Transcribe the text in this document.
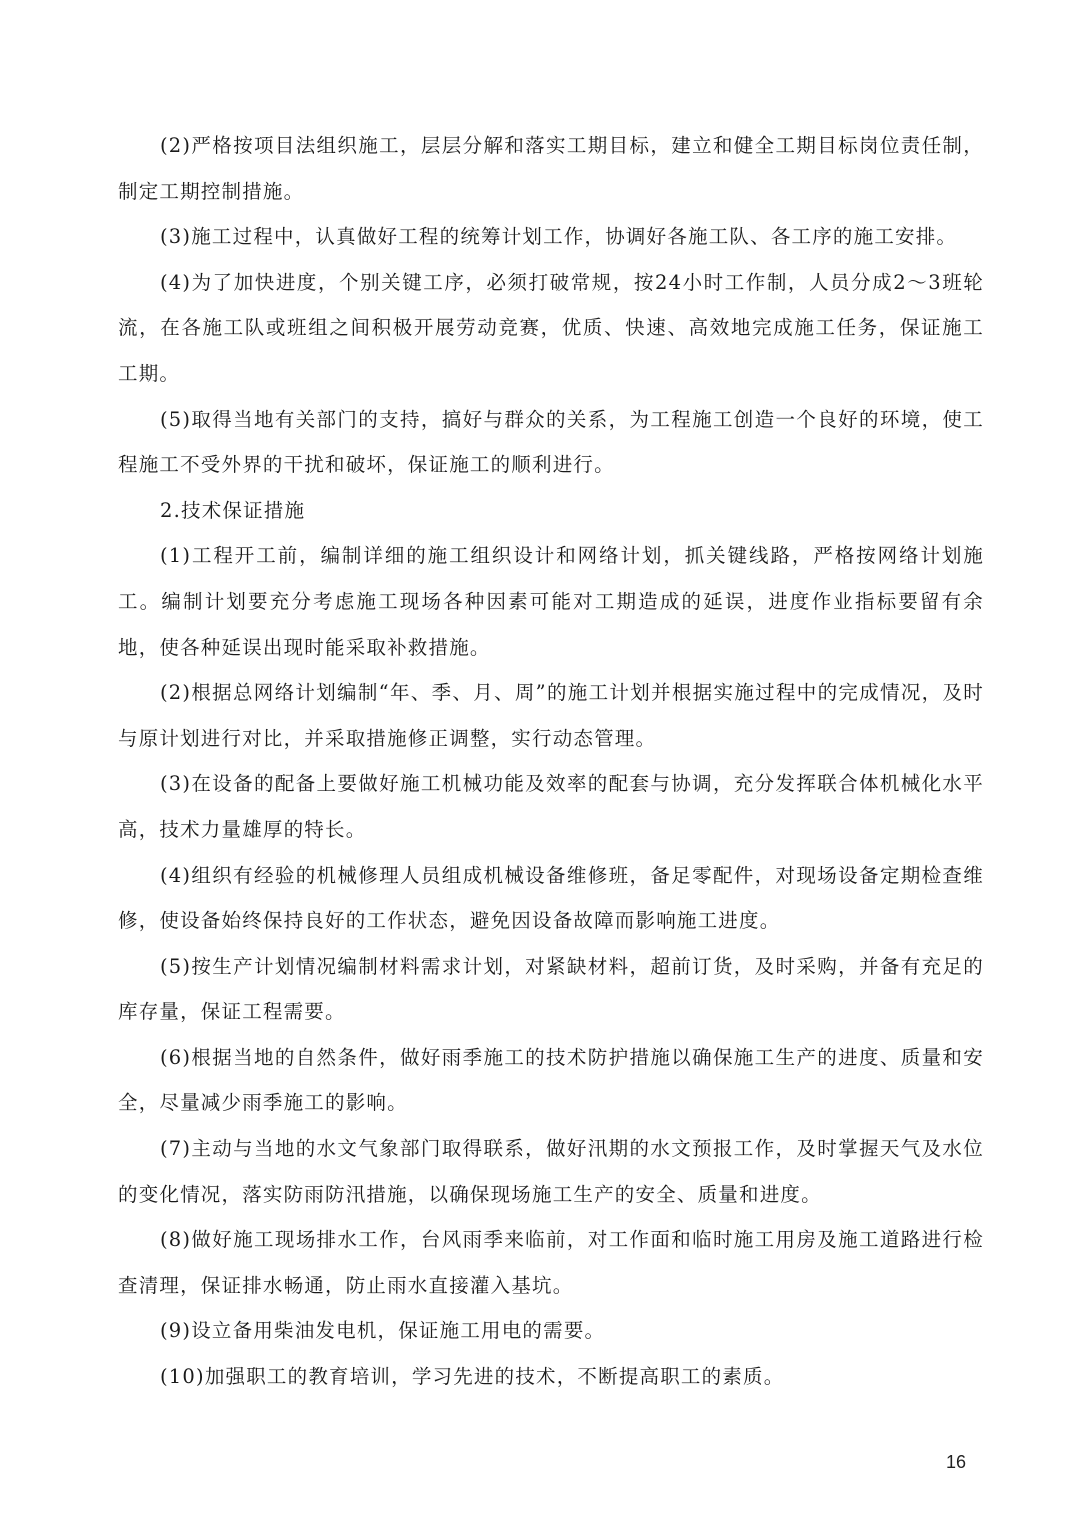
(2)严格按项目法组织施工，层层分解和落实工期目标，建立和健全工期目标岗位责任制，制定工期控制措施。

(3)施工过程中，认真做好工程的统筹计划工作，协调好各施工队、各工序的施工安排。

(4)为了加快进度，个别关键工序，必须打破常规，按24小时工作制，人员分成2～3班轮流，在各施工队或班组之间积极开展劳动竞赛，优质、快速、高效地完成施工任务，保证施工工期。

(5)取得当地有关部门的支持，搞好与群众的关系，为工程施工创造一个良好的环境，使工程施工不受外界的干扰和破坏，保证施工的顺利进行。

2.技术保证措施

(1)工程开工前，编制详细的施工组织设计和网络计划，抓关键线路，严格按网络计划施工。编制计划要充分考虑施工现场各种因素可能对工期造成的延误，进度作业指标要留有余地，使各种延误出现时能采取补救措施。

(2)根据总网络计划编制“年、季、月、周”的施工计划并根据实施过程中的完成情况，及时与原计划进行对比，并采取措施修正调整，实行动态管理。

(3)在设备的配备上要做好施工机械功能及效率的配套与协调，充分发挥联合体机械化水平高，技术力量雄厚的特长。

(4)组织有经验的机械修理人员组成机械设备维修班，备足零配件，对现场设备定期检查维修，使设备始终保持良好的工作状态，避免因设备故障而影响施工进度。

(5)按生产计划情况编制材料需求计划，对紧缺材料，超前订货，及时采购，并备有充足的库存量，保证工程需要。

(6)根据当地的自然条件，做好雨季施工的技术防护措施以确保施工生产的进度、质量和安全，尽量减少雨季施工的影响。

(7)主动与当地的水文气象部门取得联系，做好汛期的水文预报工作，及时掌握天气及水位的变化情况，落实防雨防汛措施，以确保现场施工生产的安全、质量和进度。

(8)做好施工现场排水工作，台风雨季来临前，对工作面和临时施工用房及施工道路进行检查清理，保证排水畅通，防止雨水直接灌入基坑。

(9)设立备用柴油发电机，保证施工用电的需要。

(10)加强职工的教育培训，学习先进的技术，不断提高职工的素质。

16
